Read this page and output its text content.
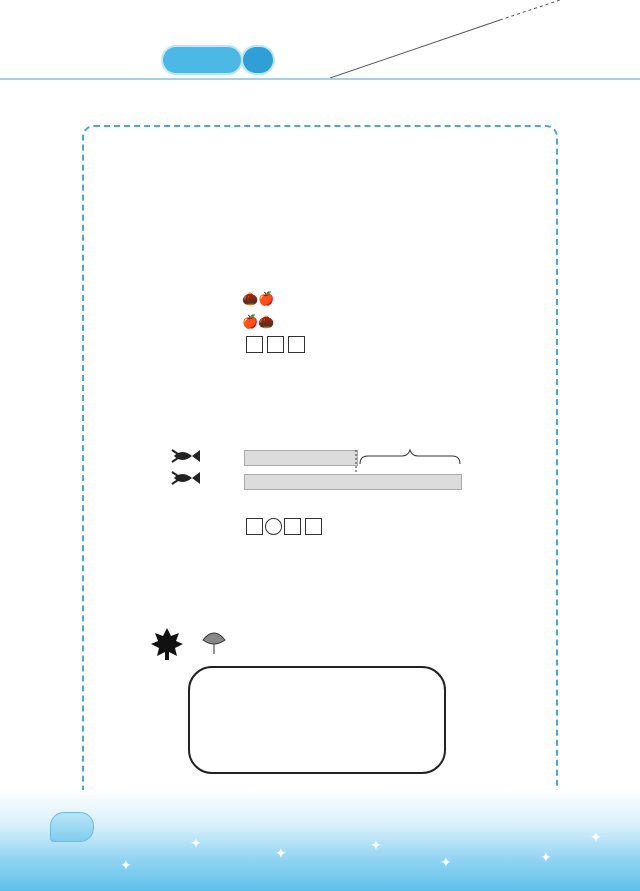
🌰🍎
🍎🌰

✦
✦
✦	✦
✦	✦
✦
